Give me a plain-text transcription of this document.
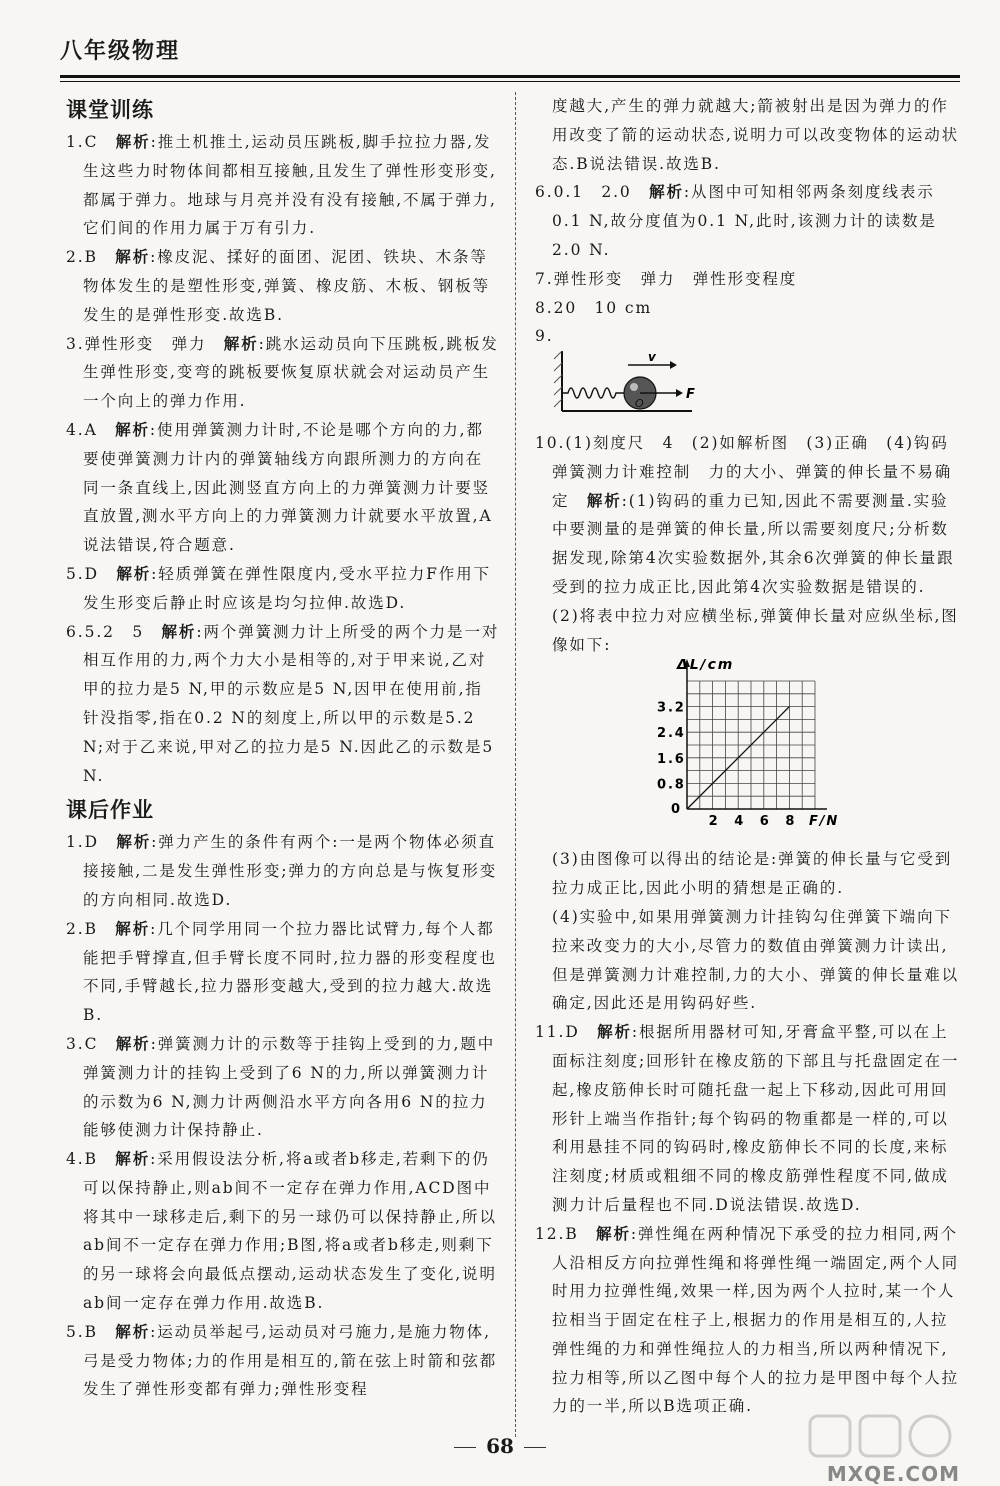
八年级物理
课堂训练
1.C　 解析:推土机推土,运动员压跳板,脚手拉拉力器,发生这些力时物体间都相互接触,且发生了弹性形变形变,都属于弹力。地球与月亮并没有没有接触,不属于弹力,它们间的作用力属于万有引力.
2.B　 解析:橡皮泥、揉好的面团、泥团、铁块、木条等物体发生的是塑性形变,弹簧、橡皮筋、木板、钢板等发生的是弹性形变.故选B.
3.弹性形变　弹力　 解析:跳水运动员向下压跳板,跳板发生弹性形变,变弯的跳板要恢复原状就会对运动员产生一个向上的弹力作用.
4.A　 解析:使用弹簧测力计时,不论是哪个方向的力,都要使弹簧测力计内的弹簧轴线方向跟所测力的方向在同一条直线上,因此测竖直方向上的力弹簧测力计要竖直放置,测水平方向上的力弹簧测力计就要水平放置,A说法错误,符合题意.
5.D　 解析:轻质弹簧在弹性限度内,受水平拉力F作用下发生形变后静止时应该是均匀拉伸.故选D.
6.5.2　5　 解析:两个弹簧测力计上所受的两个力是一对相互作用的力,两个力大小是相等的,对于甲来说,乙对甲的拉力是5 N,甲的示数应是5 N,因甲在使用前,指针没指零,指在0.2 N的刻度上,所以甲的示数是5.2 N;对于乙来说,甲对乙的拉力是5 N.因此乙的示数是5 N.
课后作业
1.D　 解析:弹力产生的条件有两个:一是两个物体必须直接接触,二是发生弹性形变;弹力的方向总是与恢复形变的方向相同.故选D.
2.B　 解析:几个同学用同一个拉力器比试臂力,每个人都能把手臂撑直,但手臂长度不同时,拉力器的形变程度也不同,手臂越长,拉力器形变越大,受到的拉力越大.故选B.
3.C　 解析:弹簧测力计的示数等于挂钩上受到的力,题中弹簧测力计的挂钩上受到了6 N的力,所以弹簧测力计的示数为6 N,测力计两侧沿水平方向各用6 N的拉力能够使测力计保持静止.
4.B　 解析:采用假设法分析,将a或者b移走,若剩下的仍可以保持静止,则ab间不一定存在弹力作用,ACD图中将其中一球移走后,剩下的另一球仍可以保持静止,所以ab间不一定存在弹力作用;B图,将a或者b移走,则剩下的另一球将会向最低点摆动,运动状态发生了变化,说明ab间一定存在弹力作用.故选B.
5.B　 解析:运动员举起弓,运动员对弓施力,是施力物体,弓是受力物体;力的作用是相互的,箭在弦上时箭和弦都发生了弹性形变都有弹力;弹性形变程
度越大,产生的弹力就越大;箭被射出是因为弹力的作用改变了箭的运动状态,说明力可以改变物体的运动状态.B说法错误.故选B.
6.0.1　2.0　 解析:从图中可知相邻两条刻度线表示0.1 N,故分度值为0.1 N,此时,该测力计的读数是2.0 N.
7.弹性形变　弹力　弹性形变程度
8.20　10 cm
9.
v
O
F
10.(1)刻度尺　4　(2)如解析图　(3)正确　(4)钩码　弹簧测力计难控制　力的大小、弹簧的伸长量不易确定　 解析:(1)钩码的重力已知,因此不需要测量.实验中要测量的是弹簧的伸长量,所以需要刻度尺;分析数据发现,除第4次实验数据外,其余6次弹簧的伸长量跟受到的拉力成正比,因此第4次实验数据是错误的.
(2)将表中拉力对应横坐标,弹簧伸长量对应纵坐标,图像如下:
2 4 6 8
0.8
1.6
2.4
3.2
0
F/N
ΔL/cm
(3)由图像可以得出的结论是:弹簧的伸长量与它受到拉力成正比,因此小明的猜想是正确的.
(4)实验中,如果用弹簧测力计挂钩勾住弹簧下端向下拉来改变力的大小,尽管力的数值由弹簧测力计读出,但是弹簧测力计难控制,力的大小、弹簧的伸长量难以确定,因此还是用钩码好些.
11.D　 解析:根据所用器材可知,牙膏盒平整,可以在上面标注刻度;回形针在橡皮筋的下部且与托盘固定在一起,橡皮筋伸长时可随托盘一起上下移动,因此可用回形针上端当作指针;每个钩码的物重都是一样的,可以利用悬挂不同的钩码时,橡皮筋伸长不同的长度,来标注刻度;材质或粗细不同的橡皮筋弹性程度不同,做成测力计后量程也不同.D说法错误.故选D.
12.B　 解析:弹性绳在两种情况下承受的拉力相同,两个人沿相反方向拉弹性绳和将弹性绳一端固定,两个人同时用力拉弹性绳,效果一样,因为两个人拉时,某一个人拉相当于固定在柱子上,根据力的作用是相互的,人拉弹性绳的力和弹性绳拉人的力相当,所以两种情况下,拉力相等,所以乙图中每个人的拉力是甲图中每个人拉力的一半,所以B选项正确.
68
MXQE.COM
